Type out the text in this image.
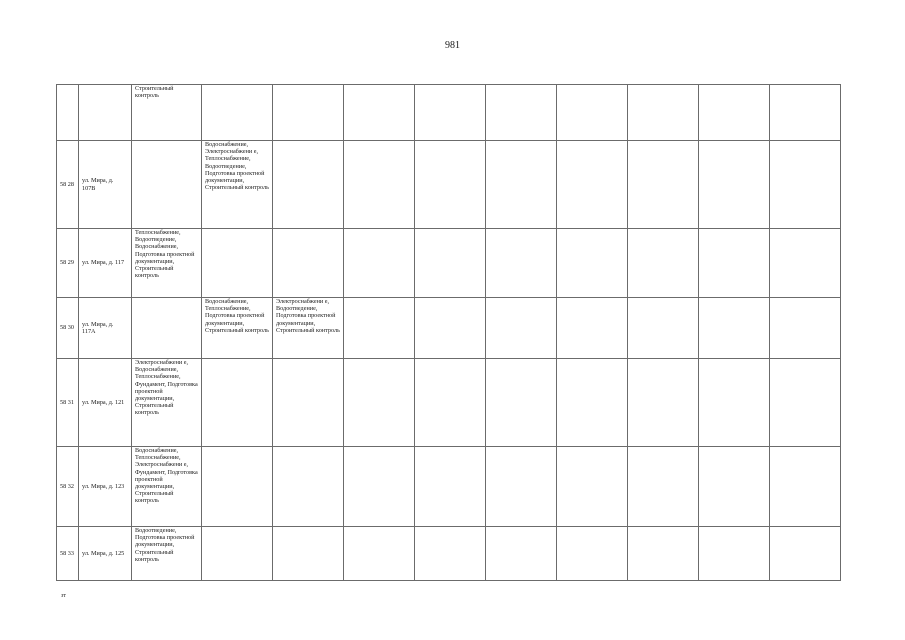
981
		Строительный контроль										
58 28	ул. Мира, д. 107В		Водоснабжение, Электроснабжени е, Теплоснабжение, Водоотведение, Подготовка проектной документации, Строительный контроль									
58 29	ул. Мира, д. 117	Теплоснабжение, Водоотведение, Водоснабжение, Подготовка проектной документации, Строительный контроль										
58 30	ул. Мира, д. 117А		Водоснабжение, Теплоснабжение, Подготовка проектной документации, Строительный контроль	Электроснабжени е, Водоотведение, Подготовка проектной документации, Строительный контроль								
58 31	ул. Мира, д. 121	Электроснабжени е, Водоснабжение, Теплоснабжение, Фундамент, Подготовка проектной документации, Строительный контроль										
58 32	ул. Мира, д. 123	Водоснабжение, Теплоснабжение, Электроснабжени е, Фундамент, Подготовка проектной документации, Строительный контроль										
58 33	ул. Мира, д. 125	Водоотведение, Подготовка проектной документации, Строительный контроль										
зт
